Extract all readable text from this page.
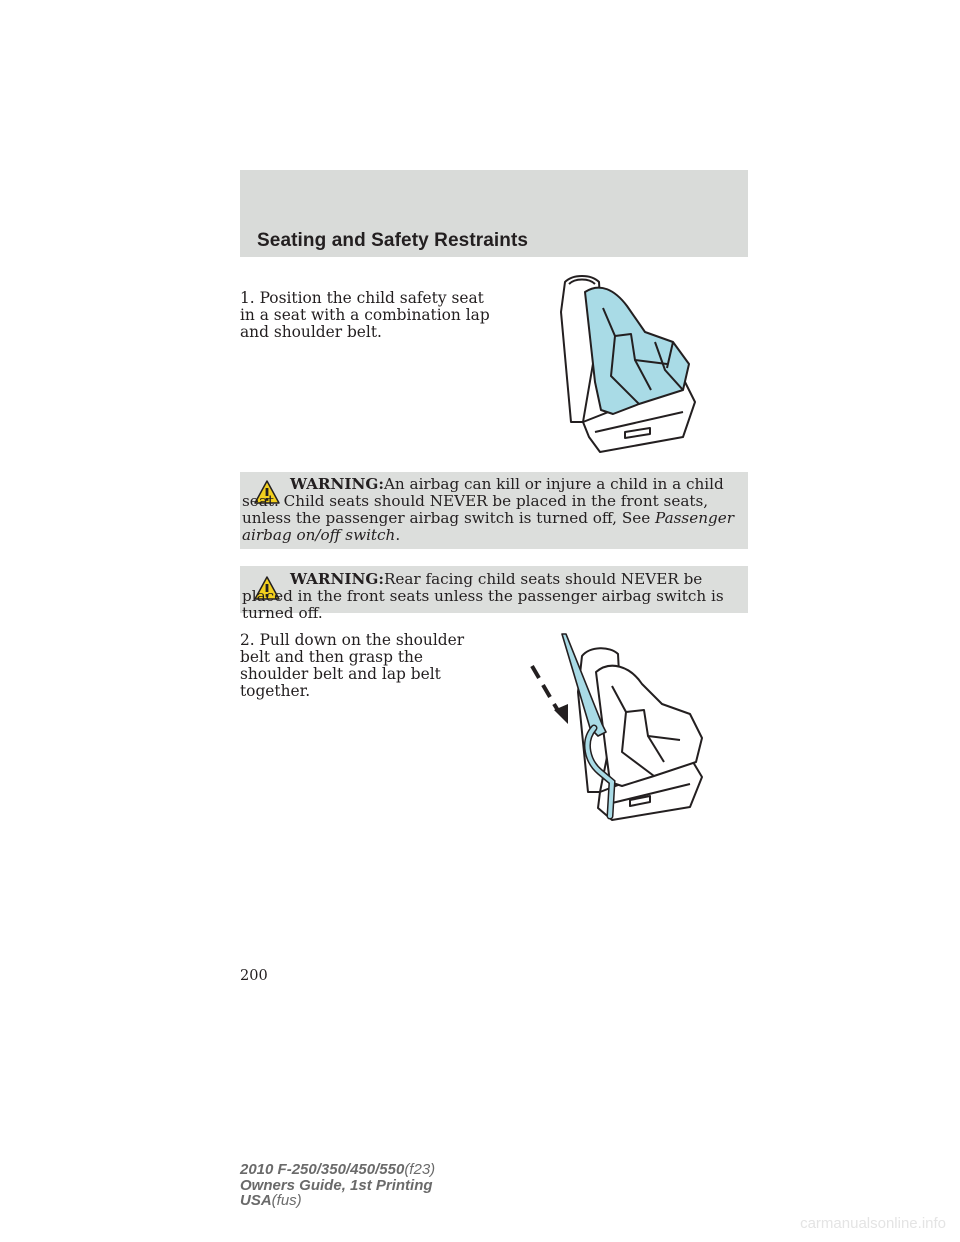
Seating and Safety Restraints
1. Position the child safety seat in a seat with a combination lap and shoulder belt.
WARNING:An airbag can kill or injure a child in a child seat. Child seats should NEVER be placed in the front seats, unless the passenger airbag switch is turned off, See Passenger airbag on/off switch.
WARNING:Rear facing child seats should NEVER be placed in the front seats unless the passenger airbag switch is turned off.
2. Pull down on the shoulder belt and then grasp the shoulder belt and lap belt together.
200
2010 F-250/350/450/550(f23)
Owners Guide, 1st Printing
USA(fus)
carmanualsonline.info
